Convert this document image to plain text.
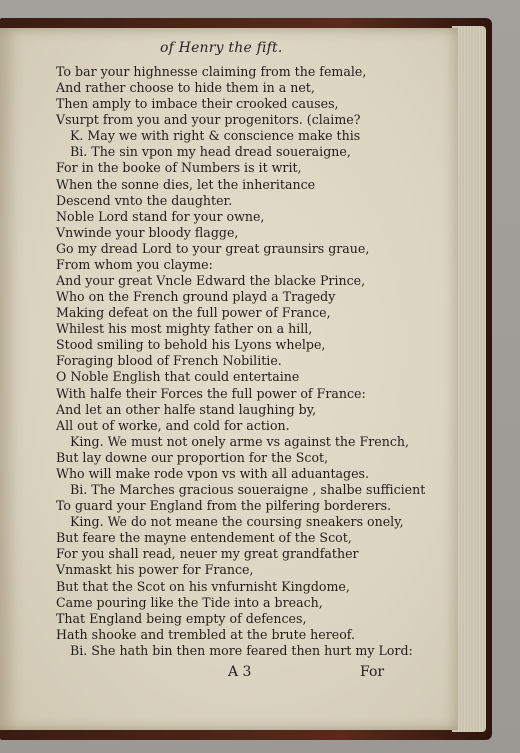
of Henry the fift.
To bar your highnesse claiming from the female,
And rather choose to hide them in a net,
Then amply to imbace their crooked causes,
Vsurpt from you and your progenitors. (claime?
K. May we with right & conscience make this
Bi. The sin vpon my head dread soueraigne,
For in the booke of Numbers is it writ,
When the sonne dies, let the inheritance
Descend vnto the daughter.
Noble Lord stand for your owne,
Vnwinde your bloody flagge,
Go my dread Lord to your great graunsirs graue,
From whom you clayme:
And your great Vncle Edward the blacke Prince,
Who on the French ground playd a Tragedy
Making defeat on the full power of France,
Whilest his most mighty father on a hill,
Stood smiling to behold his Lyons whelpe,
Foraging blood of French Nobilitie.
O Noble English that could entertaine
With halfe their Forces the full power of France:
And let an other halfe stand laughing by,
All out of worke, and cold for action.
King. We must not onely arme vs against the French,
But lay downe our proportion for the Scot,
Who will make rode vpon vs with all aduantages.
Bi. The Marches gracious soueraigne , shalbe sufficient
To guard your England from the pilfering borderers.
King. We do not meane the coursing sneakers onely,
But feare the mayne entendement of the Scot,
For you shall read, neuer my great grandfather
Vnmaskt his power for France,
But that the Scot on his vnfurnisht Kingdome,
Came pouring like the Tide into a breach,
That England being empty of defences,
Hath shooke and trembled at the brute hereof.
Bi. She hath bin then more feared then hurt my Lord:
A 3	For
